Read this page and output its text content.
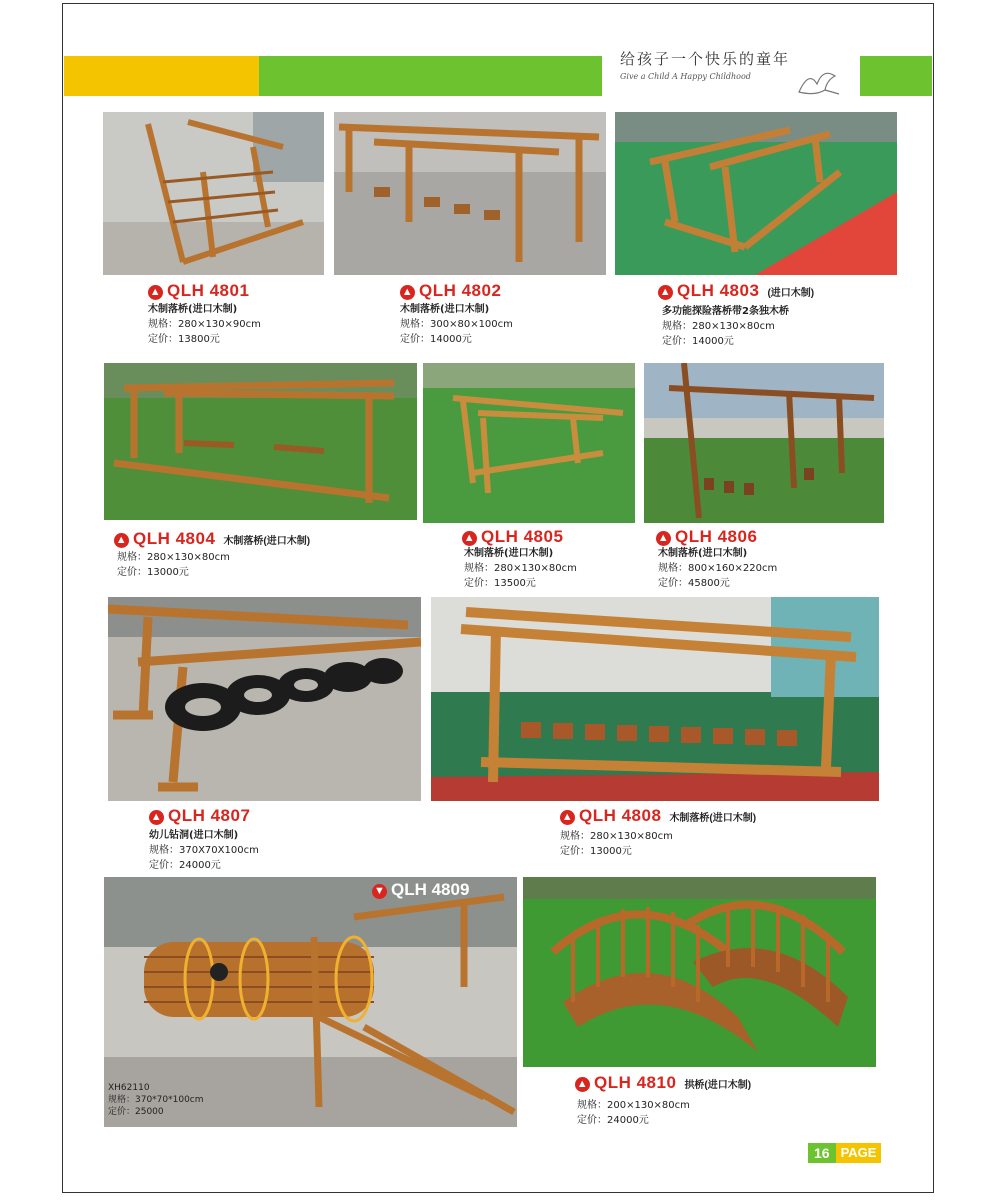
给孩子一个快乐的童年
Give a Child A Happy Childhood
▲ QLH 4801
木制落桥(进口木制)
规格：280×130×90cm
定价：13800元
▲ QLH 4802
木制落桥(进口木制)
规格：300×80×100cm
定价：14000元
▲ QLH 4803 (进口木制)
多功能探险落桥带2条独木桥
规格：280×130×80cm
定价：14000元
▲ QLH 4804 木制落桥(进口木制)
规格：280×130×80cm
定价：13000元
▲ QLH 4805
木制落桥(进口木制)
规格：280×130×80cm
定价：13500元
▲ QLH 4806
木制落桥(进口木制)
规格：800×160×220cm
定价：45800元
▲ QLH 4807
幼儿钻洞(进口木制)
规格：370X70X100cm
定价：24000元
▲ QLH 4808 木制落桥(进口木制)
规格：280×130×80cm
定价：13000元
▼ QLH 4809
XH62110
规格：370*70*100cm
定价：25000
▲ QLH 4810 拱桥(进口木制)
规格：200×130×80cm
定价：24000元
16 PAGE
